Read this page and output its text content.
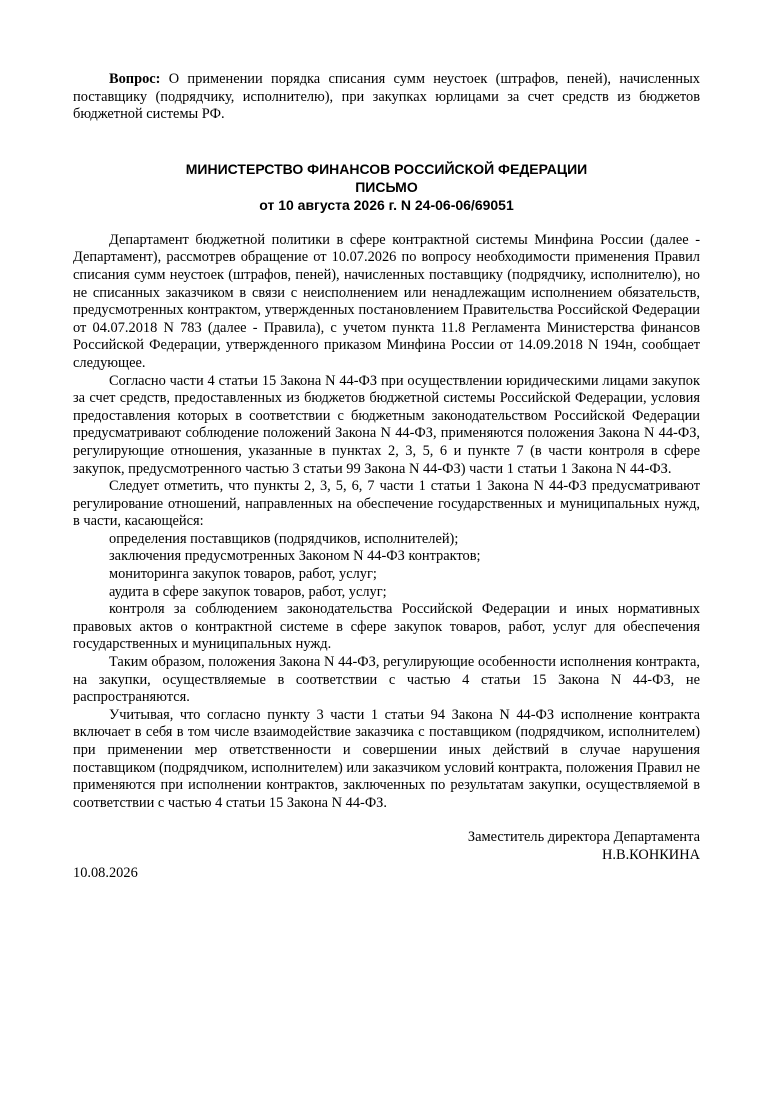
Вопрос: О применении порядка списания сумм неустоек (штрафов, пеней), начисленных поставщику (подрядчику, исполнителю), при закупках юрлицами за счет средств из бюджетов бюджетной системы РФ.

МИНИСТЕРСТВО ФИНАНСОВ РОССИЙСКОЙ ФЕДЕРАЦИИ
ПИСЬМО
от 10 августа 2026 г. N 24-06-06/69051

Департамент бюджетной политики в сфере контрактной системы Минфина России (далее - Департамент), рассмотрев обращение от 10.07.2026 по вопросу необходимости применения Правил списания сумм неустоек (штрафов, пеней), начисленных поставщику (подрядчику, исполнителю), но не списанных заказчиком в связи с неисполнением или ненадлежащим исполнением обязательств, предусмотренных контрактом, утвержденных постановлением Правительства Российской Федерации от 04.07.2018 N 783 (далее - Правила), с учетом пункта 11.8 Регламента Министерства финансов Российской Федерации, утвержденного приказом Минфина России от 14.09.2018 N 194н, сообщает следующее.

Согласно части 4 статьи 15 Закона N 44-ФЗ при осуществлении юридическими лицами закупок за счет средств, предоставленных из бюджетов бюджетной системы Российской Федерации, условия предоставления которых в соответствии с бюджетным законодательством Российской Федерации предусматривают соблюдение положений Закона N 44-ФЗ, применяются положения Закона N 44-ФЗ, регулирующие отношения, указанные в пунктах 2, 3, 5, 6 и пункте 7 (в части контроля в сфере закупок, предусмотренного частью 3 статьи 99 Закона N 44-ФЗ) части 1 статьи 1 Закона N 44-ФЗ.

Следует отметить, что пункты 2, 3, 5, 6, 7 части 1 статьи 1 Закона N 44-ФЗ предусматривают регулирование отношений, направленных на обеспечение государственных и муниципальных нужд, в части, касающейся:

определения поставщиков (подрядчиков, исполнителей);

заключения предусмотренных Законом N 44-ФЗ контрактов;

мониторинга закупок товаров, работ, услуг;

аудита в сфере закупок товаров, работ, услуг;

контроля за соблюдением законодательства Российской Федерации и иных нормативных правовых актов о контрактной системе в сфере закупок товаров, работ, услуг для обеспечения государственных и муниципальных нужд.

Таким образом, положения Закона N 44-ФЗ, регулирующие особенности исполнения контракта, на закупки, осуществляемые в соответствии с частью 4 статьи 15 Закона N 44-ФЗ, не распространяются.

Учитывая, что согласно пункту 3 части 1 статьи 94 Закона N 44-ФЗ исполнение контракта включает в себя в том числе взаимодействие заказчика с поставщиком (подрядчиком, исполнителем) при применении мер ответственности и совершении иных действий в случае нарушения поставщиком (подрядчиком, исполнителем) или заказчиком условий контракта, положения Правил не применяются при исполнении контрактов, заключенных по результатам закупки, осуществляемой в соответствии с частью 4 статьи 15 Закона N 44-ФЗ.

Заместитель директора Департамента
Н.В.КОНКИНА
10.08.2026
